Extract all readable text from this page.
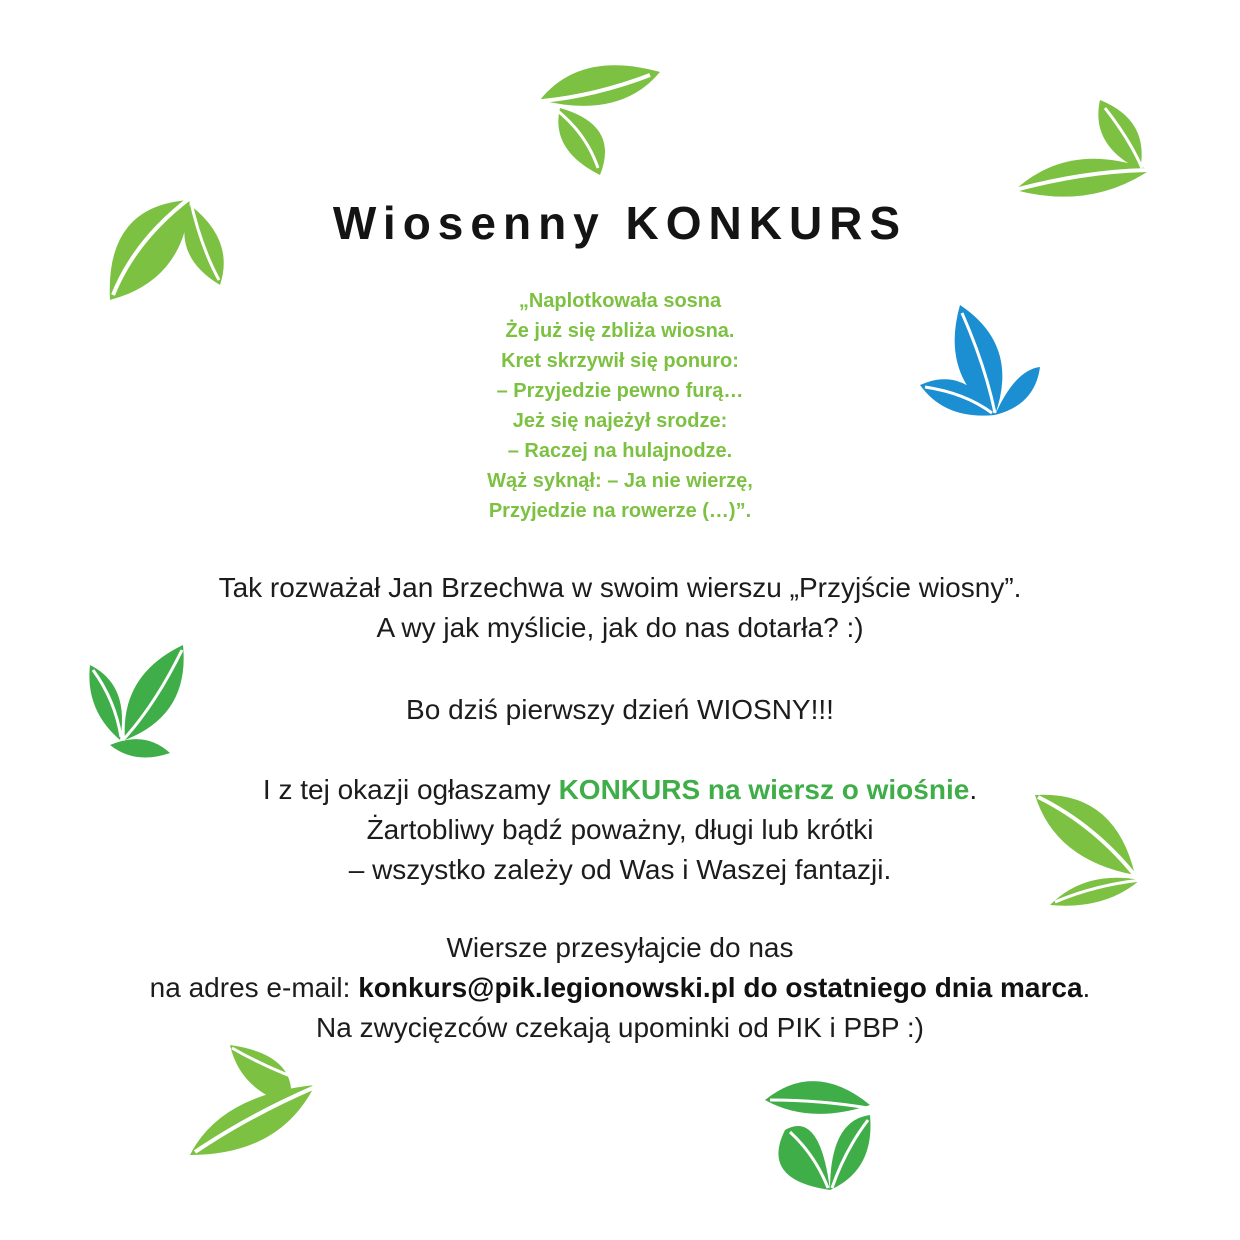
Wiosenny KONKURS
„Naplotkowała sosna
Że już się zbliża wiosna.
Kret skrzywił się ponuro:
– Przyjedzie pewno furą…
Jeż się najeżył srodze:
– Raczej na hulajnodze.
Wąż syknął: – Ja nie wierzę,
Przyjedzie na rowerze (…)”.
Tak rozważał Jan Brzechwa w swoim wierszu „Przyjście wiosny”.
A wy jak myślicie, jak do nas dotarła? :)
Bo dziś pierwszy dzień WIOSNY!!!
I z tej okazji ogłaszamy KONKURS na wiersz o wiośnie.
Żartobliwy bądź poważny, długi lub krótki
– wszystko zależy od Was i Waszej fantazji.
Wiersze przesyłajcie do nas
na adres e-mail: konkurs@pik.legionowski.pl do ostatniego dnia marca.
Na zwycięzców czekają upominki od PIK i PBP :)
